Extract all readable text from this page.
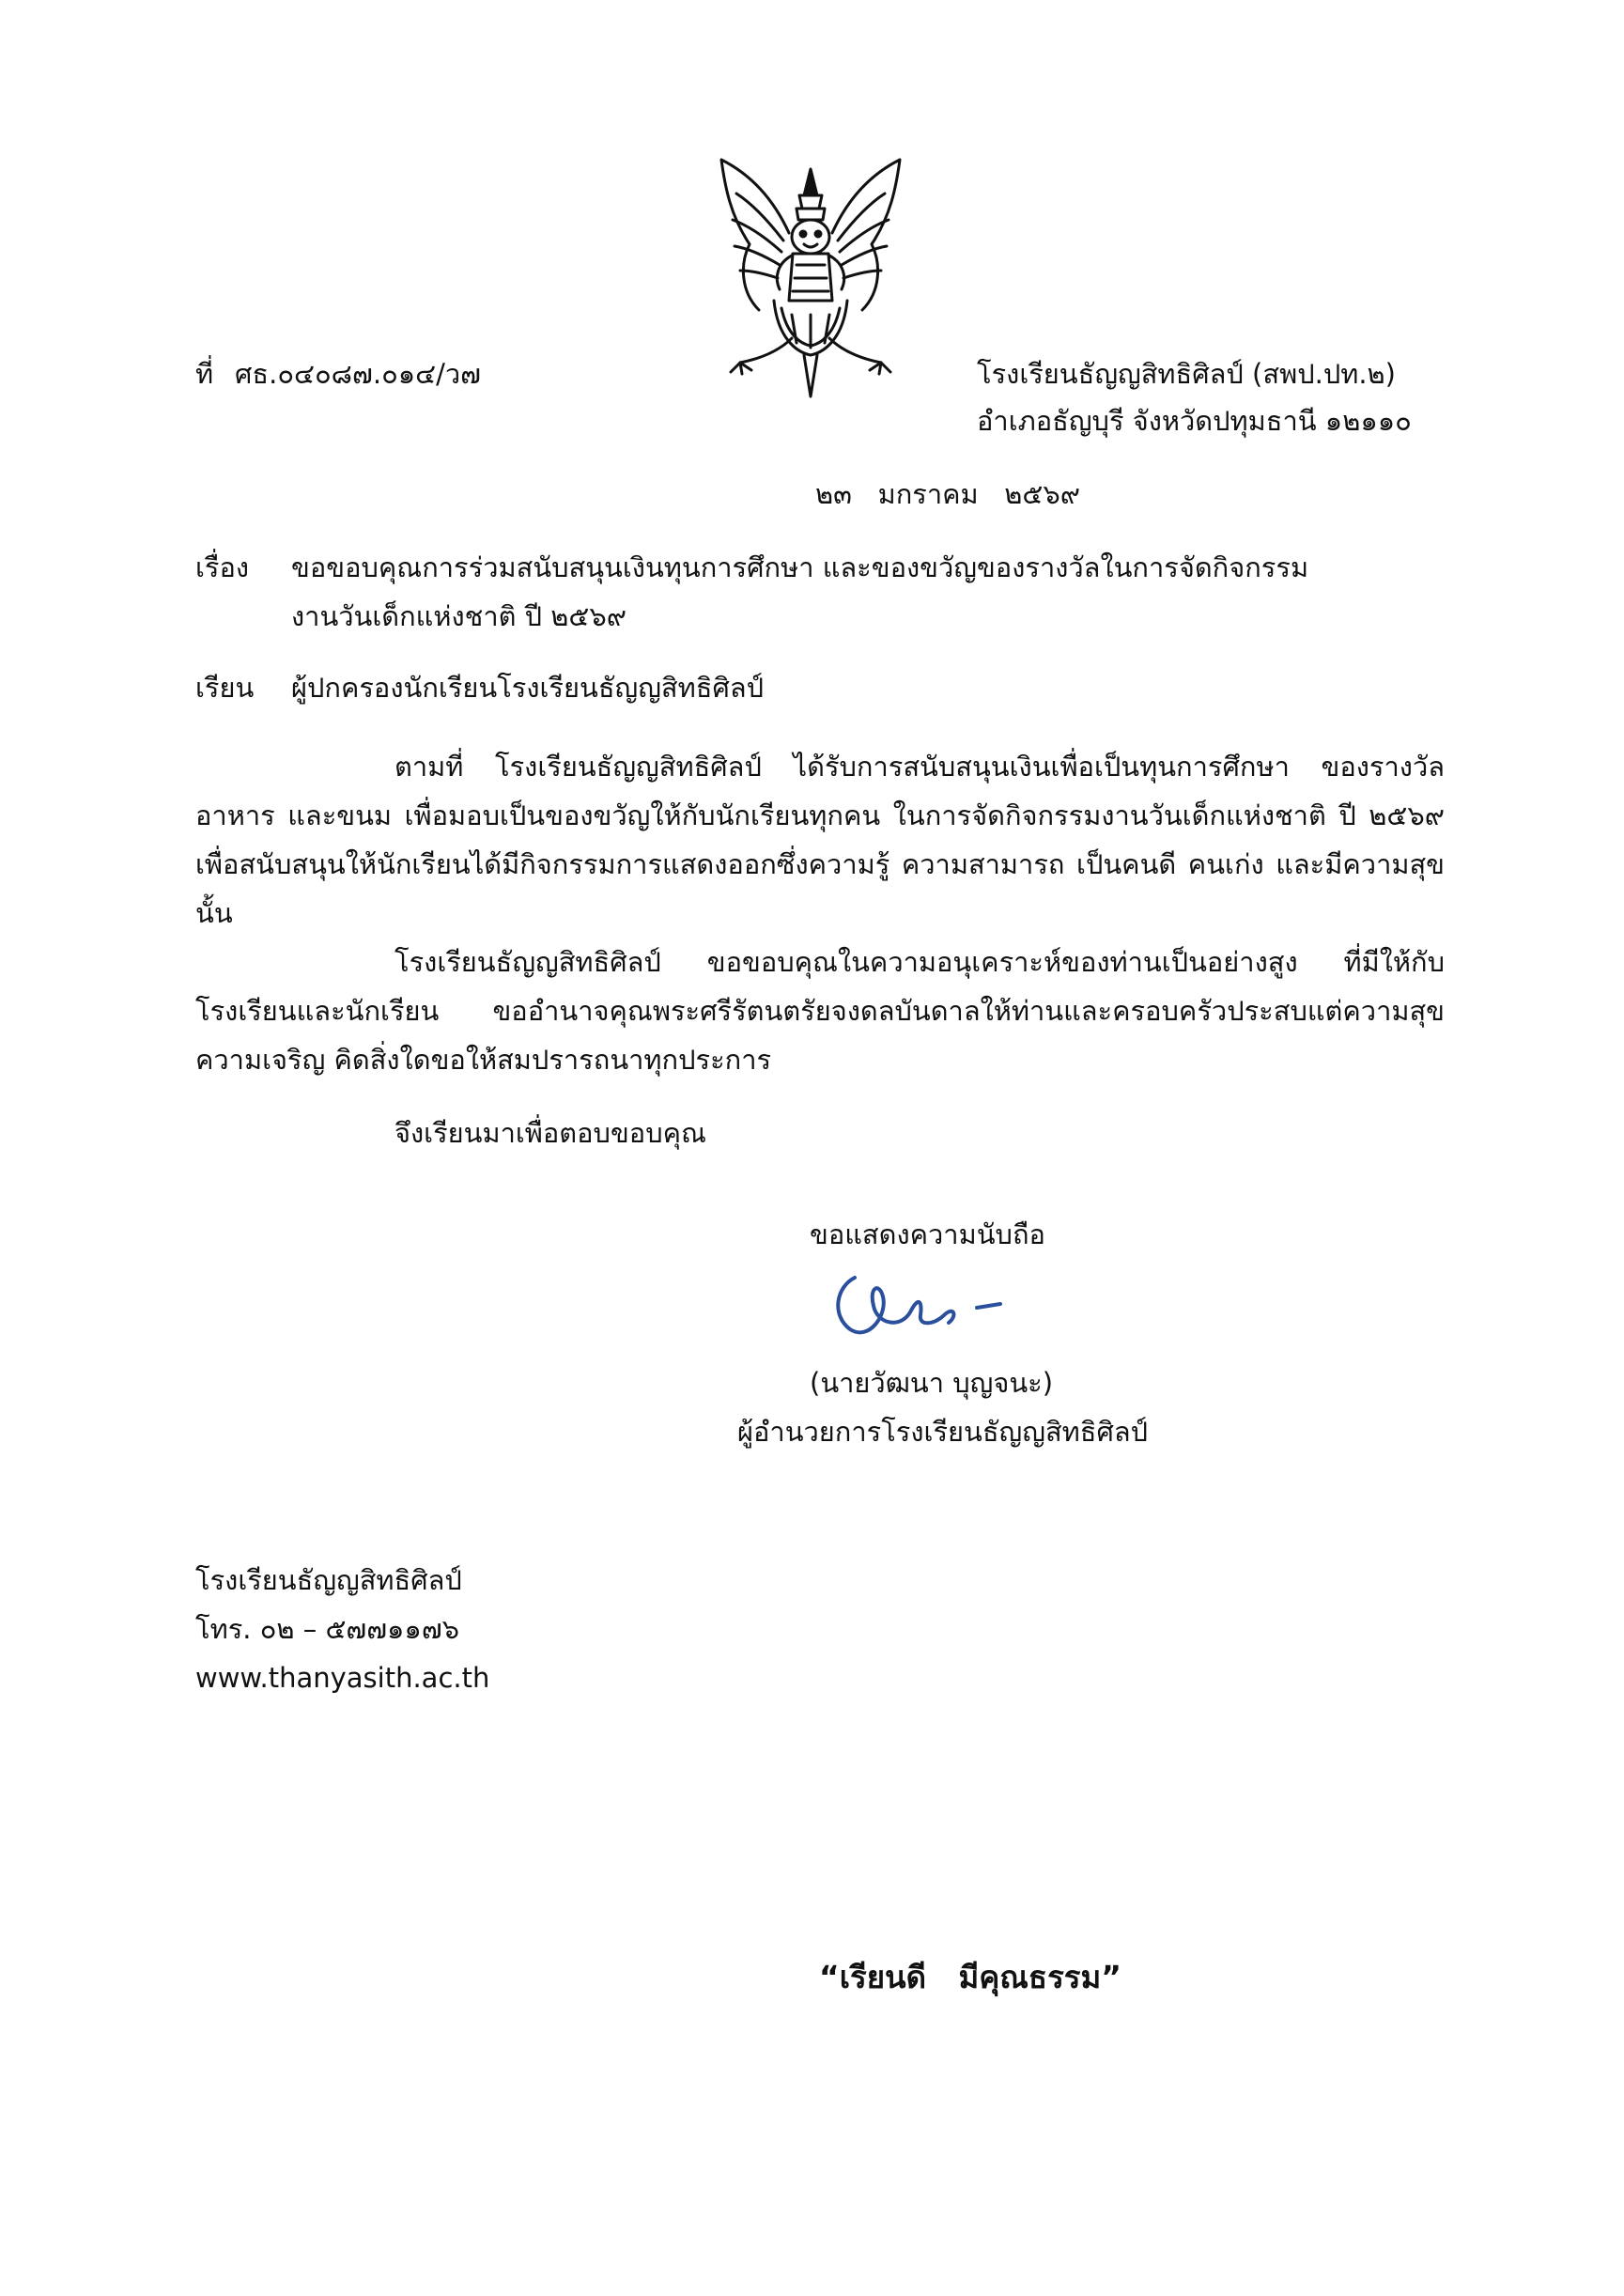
ที่ ศธ.๐๔๐๘๗.๐๑๔/ว๗	โรงเรียนธัญญสิทธิศิลป์ (สพป.ปท.๒)
อำเภอธัญบุรี จังหวัดปทุมธานี ๑๒๑๑๐
๒๓   มกราคม   ๒๕๖๙
เรื่อง ขอขอบคุณการร่วมสนับสนุนเงินทุนการศึกษา และของขวัญของรางวัลในการจัดกิจกรรม
งานวันเด็กแห่งชาติ ปี ๒๕๖๙
เรียน ผู้ปกครองนักเรียนโรงเรียนธัญญสิทธิศิลป์

ตามที่ โรงเรียนธัญญสิทธิศิลป์ ได้รับการสนับสนุนเงินเพื่อเป็นทุนการศึกษา ของรางวัล อาหาร และขนม เพื่อมอบเป็นของขวัญให้กับนักเรียนทุกคน ในการจัดกิจกรรมงานวันเด็กแห่งชาติ ปี ๒๕๖๙ เพื่อสนับสนุนให้นักเรียนได้มีกิจกรรมการแสดงออกซึ่งความรู้ ความสามารถ เป็นคนดี คนเก่ง และมีความสุข นั้น

โรงเรียนธัญญสิทธิศิลป์ ขอขอบคุณในความอนุเคราะห์ของท่านเป็นอย่างสูง ที่มีให้กับโรงเรียนและนักเรียน ขออำนาจคุณพระศรีรัตนตรัยจงดลบันดาลให้ท่านและครอบครัวประสบแต่ความสุข ความเจริญ คิดสิ่งใดขอให้สมปรารถนาทุกประการ

จึงเรียนมาเพื่อตอบขอบคุณ
ขอแสดงความนับถือ
(นายวัฒนา บุญจนะ)
ผู้อำนวยการโรงเรียนธัญญสิทธิศิลป์
โรงเรียนธัญญสิทธิศิลป์
โทร. ๐๒ – ๕๗๗๑๑๗๖
www.thanyasith.ac.th
“เรียนดี   มีคุณธรรม”
